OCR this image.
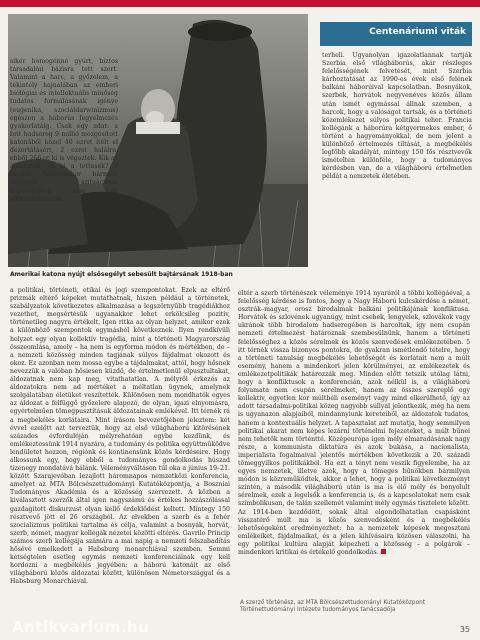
Amerikai katona nyújt elsősegélyt sebesült bajtársának 1918-ban
Centenáriumi viták

siker homogénné gyúrt, biztos társadalmi bázisra tett szert. Valamint a harc, a győzelem, a tekintély hajnalában az emberi biológiai és intellektuális minőség tudatos formálásának igénye (eugenika, szociáldarwinizmus) egészen a háborús fegyelmezés gyakorlatáig. Csak egy adat: a brit hadsereg 9 millió mozgósított katonából közel 40 ezret ítélt el dezertálásért, 2 ezret halálra, ebből 266-ot ki is végeztek. Kik az áldozatok, és ki a tettesek? E kérdés feltevésekor bármely történeti szituációval kapcsolatban meg kell különböztetnünk

a politikai, történeti, etikai és jogi szempontokat. Ezek az eltérő prizmák eltérő képeket mutathatnak, hiszen például a történetek, szabályzatok következetes alkalmazása a legszörnyűbb tragédiákhoz vezethet, megsértésük ugyanakkor lehet erkölcsileg pozitív, történetileg nagyra értékelt. Igen ritka az olyan helyzet, amikor ezek a különböző szempontok egymásból következnek. Ilyen rendkívüli helyzet egy olyan kollektív tragédia, mint a történeti Magyarország összeomlása, amely – ha nem is egyforma módon és mértékben, de – a nemzeti közösség minden tagjának súlyos fájdalmat okozott és okoz. Ez azonban nem mossa egybe a tájdalmakat, attól, hogy hősnek nevezzük a valóban hősiesen küzdő, de értelmetlenül elpusztultakat, áldozatnak nem kap meg, vitathatatlan. A mélyről érkezés az áldozatokra nem ad mértéket a méltatlan ügynek, amelynek szolgálatában életüket veszítették. Különösen nem mondhatók egyes az áldozat a felfüggő győzelere alapozó, de olyan, igazi elnyomásra, egyértelműen tömegpusztításuk áldozatainak emlékével. Itt térnék rá a megbékélés korlátaira. Mint írásom bevezetőjében jeleztem: két évvel ezelőtt azt terveztük, hogy az első világháború kitörésének százados évfordulóján mélyrehatóan egybe kezdünk, és emlékeztessünk 1914 nyarára, a tudomány és politika együttműködve lendületet hozzon, régiónk és kontinensünk közös kérdéseire. Hogy alkossunk egy, hogy ebből a tudományos gondolkodás húszad tizenegy mondatává hálánk. Véleményváltáson túl oka a június 19–21. között Szarajevóban lezajlott háromnapos nemzetközi konferencia, amelyet az MTA Bölcsészettudományi Kutatóközpontja, a Boszniai Tudományos Akadémia és a közösség szervezett. A közben a kiválasztott szerzők által igen nagyszámú és értékes hozzászólással gazdagított diskurzust olyan kellő érdeklődést keltett. Mintegy 150 résztvevő jött el 26 országból. Az elvekben a szerb és a fehér szocializmus politikai tartalma és célja, valamint a bosnyák, horvát, szerb, német, magyar kollégák nézetei közötti eltérés. Gavrilo Princip számos szerb kollégája számára a mai napig a nemzeti felszabadítás hősévé emelkedett a Habsburg monarchiával szemben. Semmi kétségtelen esetleg egymás nemzeti konferenciáinak egy kell hordozni a megbékélés jegyében: a háború katonáit az első világháború közös áldozatai között, különösen Németországgal és a Habsburg Monarchiával.

terheli. Ugyanolyan igazolatlannak tartják Szerbia első világháborús, akár részleges felelősségének felvetését, mint Szerbia kárhoztatását az 1990-es évek első felének balkáni háborúival kapcsolatban. Bosnyákok, szerbek, horvátok negyvenéves közös állam után ismét egymással állnak szemben, a harcok, hogy a valóságot tartsák, és a történeti közemlékezet súlyos politikai teher. Francia kollégánk a háborúra kétgyermekes ember, ő történt a hagyományokkal, de nem jelent a különböző értelmezés tiltását, a megbékélés legfőbb akadályát, mintegy 150 fős résztvevők ismételten különféle, hogy a tudományos kérdésben van, de a világháború értelmetlen példát a nemzetek életében.

eltér a szerb történészek véleménye 1914 nyaráról a többi kollégáéval, a felelősség kérdése is fontos, hogy a Nagy Háború kulcskérdése a német, osztrák–magyar, orosz birodalmak balkáni politikájának konfliktusa. Horvátok és szlovének ugyanúgy, mint csehek, lengyelek, szlovákok vagy ukránok több birodalom hadseregében is harcoltak, így nem csupán nemzeti értelmezést határoznak szembesülnünk, hanem a történeti felelősséghez a közös sérelmek és közös szenvedések emlékezetében. 5 itt térnék vissza bizonyos pontokra, de gyakran ismétlendő tételre, hogy a történeti tanulság megbékélés lehetőségét és korlátait nem a múlt esemény, hanem a mindenkori jelen körülményei, az emlékezetek és emlékezetpolitikák határozzák meg. Minden előtt tetszik utólag látni, hogy a konfliktusok a konferencián, azok nélkül is, a világháború folyamata nem csupán sérelmeket, hanem az összes szereplő egy kollektív, egyetlen kor múltbéli eseményt vagy mind elkerülhető, így az adott társadalmi-politikai közeg nagyobb súllyal jelentkezik, még ha nem is ugyanazon alapjaiból, mindannyiunk kereteiből, az áldozatok tudatos, hanem a kontextuális helyzet. A tapasztalat azt mutatja, hogy semmilyen politikai akarat nem képes lezárni történelmi fejezeteket, a múlt bűnei nem tehetők nem történtté. Középeurópa igen mély elmaradásának nagy része, a kommunista diktatúra és azok bukása, a nacionalista, imperialista fogalmaival jelentős mértékben következik a 20. századi tömeggyilkos politikákból. Ha ezt a tényt nem veszik figyelembe, ha az egyes nemzetek, illetve azok, hogy a tömeges bűnökben bármilyen módon is közreműködtek, akkor a lehet, hogy a politikai következményt szintén, a második világháború után is ma is élő mély és bonyolult sérelmek, ezek a legelsők a konferencia is, és a kapcsolatokat nem csak szimbolikusan, de talán szellemét valamint mély egymás tisztelete között. Az 1914-ben kezdődött, sokak által elgondolhatatlan csapásként visszatérő múlt ma is közös szenvedésként és a megbékélés lehetőségeként eredményezhet: ha a nemzetek képesek megosztani emlékeiket, fájdalmaikat, és a jelen kihívásaira közösen válaszolni, ha egy politikai kultúra alapját képezheti a közösség – a polgárok – mindenkori kritikai és értékelő gondolkodás.

A szerző történész, az MTA Bölcsészettudományi Kutatóközpont Történettudományi Intézete tudományos tanácsadója
35
Antikvarium.hu
